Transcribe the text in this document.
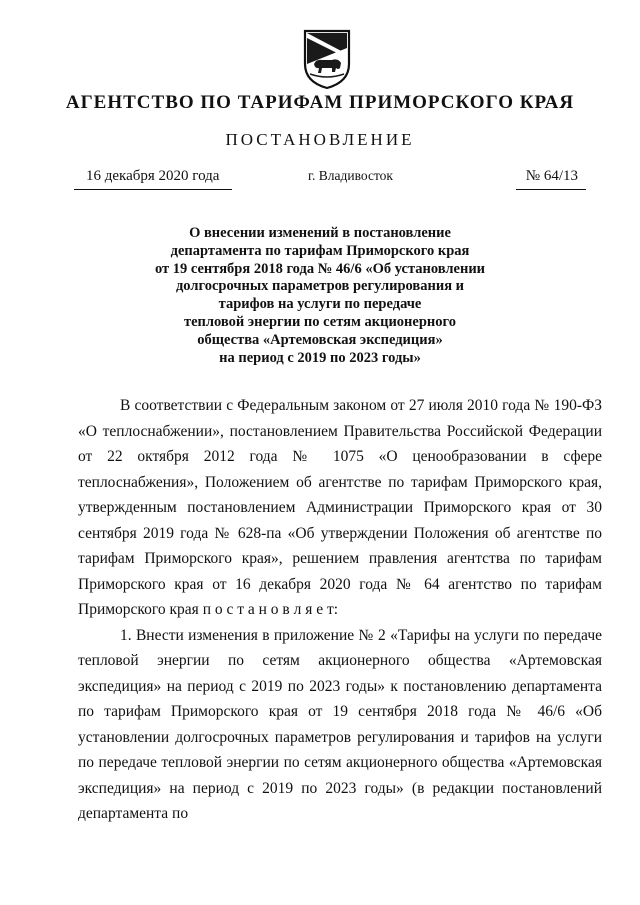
АГЕНТСТВО ПО ТАРИФАМ ПРИМОРСКОГО КРАЯ
ПОСТАНОВЛЕНИЕ
16 декабря 2020 года	г. Владивосток	№ 64/13
О внесении изменений в постановление
департамента по тарифам Приморского края
от 19 сентября 2018 года № 46/6 «Об установлении
долгосрочных параметров регулирования и
тарифов на услуги по передаче
тепловой энергии по сетям акционерного
общества «Артемовская экспедиция»
на период с 2019 по 2023 годы»

В соответствии с Федеральным законом от 27 июля 2010 года № 190-ФЗ «О теплоснабжении», постановлением Правительства Российской Федерации от 22 октября 2012 года № 1075 «О ценообразовании в сфере теплоснабжения», Положением об агентстве по тарифам Приморского края, утвержденным постановлением Администрации Приморского края от 30 сентября 2019 года № 628-па «Об утверждении Положения об агентстве по тарифам Приморского края», решением правления агентства по тарифам Приморского края от 16 декабря 2020 года № 64 агентство по тарифам Приморского края п о с т а н о в л я е т:

1. Внести изменения в приложение № 2 «Тарифы на услуги по передаче тепловой энергии по сетям акционерного общества «Артемовская экспедиция» на период с 2019 по 2023 годы» к постановлению департамента по тарифам Приморского края от 19 сентября 2018 года № 46/6 «Об установлении долгосрочных параметров регулирования и тарифов на услуги по передаче тепловой энергии по сетям акционерного общества «Артемовская экспедиция» на период с 2019 по 2023 годы» (в редакции постановлений департамента по
